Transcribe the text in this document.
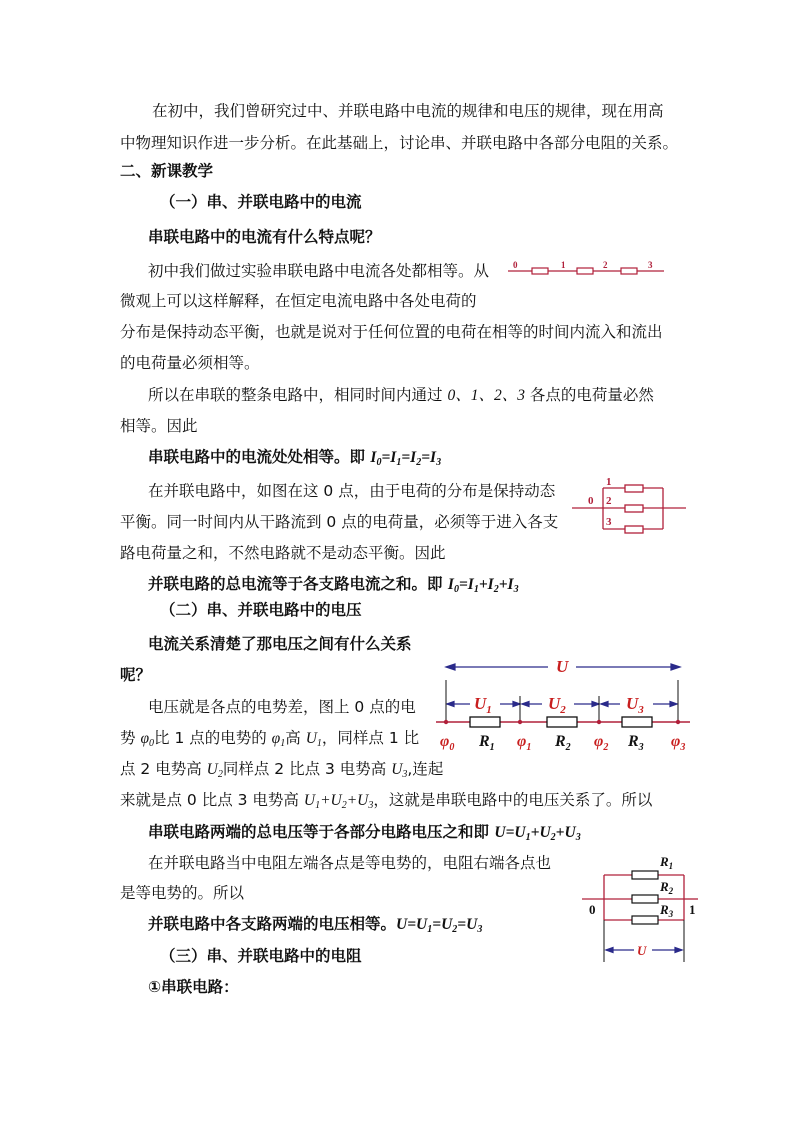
在初中，我们曾研究过中、并联电路中电流的规律和电压的规律，现在用高
中物理知识作进一步分析。在此基础上，讨论串、并联电路中各部分电阻的关系。
二、新课教学
（一）串、并联电路中的电流
串联电路中的电流有什么特点呢？
初中我们做过实验串联电路中电流各处都相等。从
微观上可以这样解释，在恒定电流电路中各处电荷的
分布是保持动态平衡，也就是说对于任何位置的电荷在相等的时间内流入和流出
的电荷量必须相等。
所以在串联的整条电路中，相同时间内通过 0、1、2、3 各点的电荷量必然
相等。因此
串联电路中的电流处处相等。即 $I_0=I_1=I_2=I_3$
在并联电路中，如图在这 0 点，由于电荷的分布是保持动态
平衡。同一时间内从干路流到 0 点的电荷量，必须等于进入各支
路电荷量之和，不然电路就不是动态平衡。因此
并联电路的总电流等于各支路电流之和。即 $I_0=I_1+I_2+I_3$
（二）串、并联电路中的电压
电流关系清楚了那电压之间有什么关系
呢？
电压就是各点的电势差，图上 0 点的电
势 $\varphi_0$比 1 点的电势的 $\varphi_1$高 $U_1$，同样点 1 比
点 2 电势高 $U_2$同样点 2 比点 3 电势高 $U_3$,连起
来就是点 0 比点 3 电势高 $U_1+U_2+U_3$，这就是串联电路中的电压关系了。所以
串联电路两端的总电压等于各部分电路电压之和即 $U=U_1+U_2+U_3$
在并联电路当中电阻左端各点是等电势的，电阻右端各点也
是等电势的。所以
并联电路中各支路两端的电压相等。$U=U_1=U_2=U_3$
（三）串、并联电路中的电阻
①串联电路：
0	1	2	3
0
1
2
3
U
$U_1$	$U_2$	$U_3$
$\varphi_0$	$\varphi_1$	$\varphi_2$	$\varphi_3$
$R_1$	$R_2$	$R_3$
U
0	1
$R_1$
$R_2$
$R_3$
